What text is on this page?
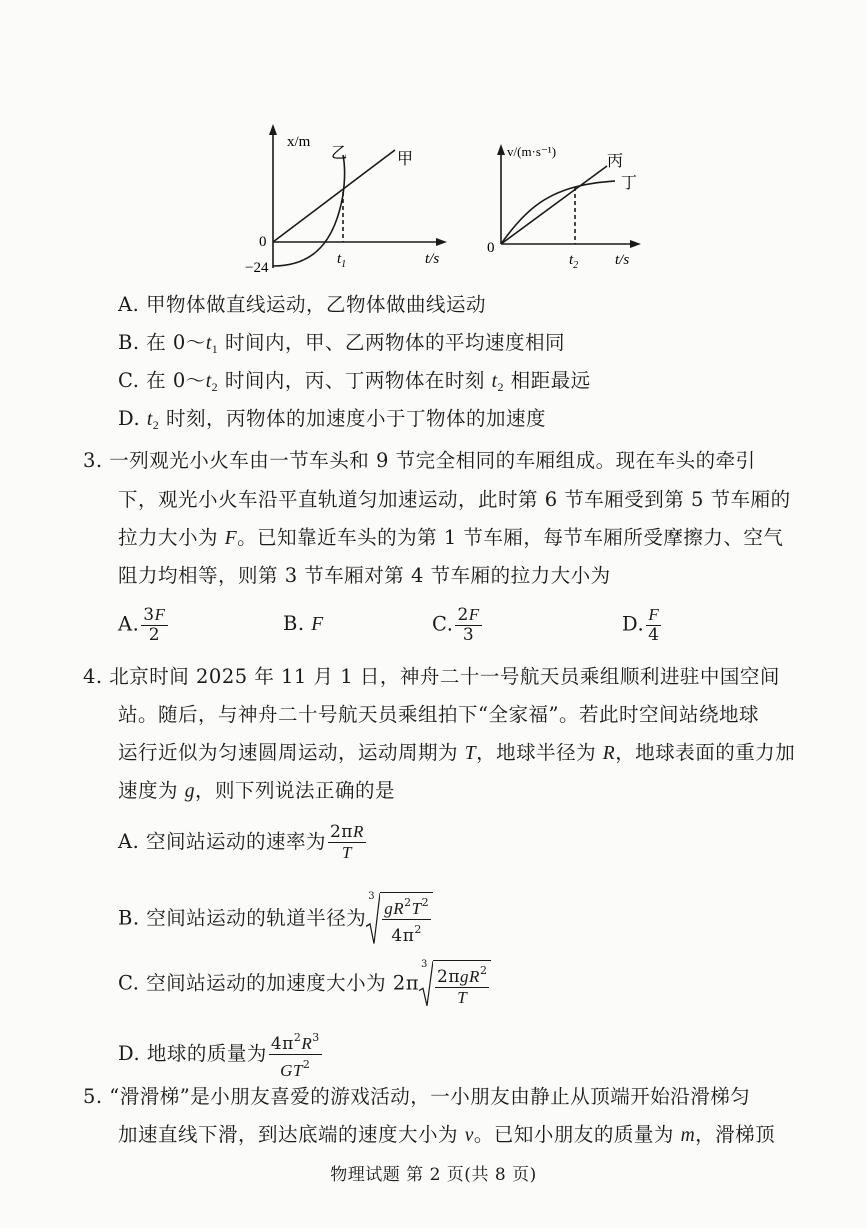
x/m
乙	甲
0
−24
$t_1$	t/s
v/(m·s⁻¹)
丙
丁
0
$t_2$ t/s
A. 甲物体做直线运动，乙物体做曲线运动
B. 在 $0\sim t_1$ 时间内，甲、乙两物体的平均速度相同
C. 在 $0\sim t_2$ 时间内，丙、丁两物体在时刻 $t_2$ 相距最远
D. $t_2$ 时刻，丙物体的加速度小于丁物体的加速度
3. 一列观光小火车由一节车头和 9 节完全相同的车厢组成。现在车头的牵引
下，观光小火车沿平直轨道匀加速运动，此时第 6 节车厢受到第 5 节车厢的
拉力大小为 F。已知靠近车头的为第 1 节车厢，每节车厢所受摩擦力、空气
阻力均相等，则第 3 节车厢对第 4 节车厢的拉力大小为
A. $\frac{3F}{2}$	B. F	C. $\frac{2F}{3}$	D. $\frac{F}{4}$
4. 北京时间 2025 年 11 月 1 日，神舟二十一号航天员乘组顺利进驻中国空间
站。随后，与神舟二十号航天员乘组拍下“全家福”。若此时空间站绕地球
运行近似为匀速圆周运动，运动周期为 T，地球半径为 R，地球表面的重力加
速度为 g，则下列说法正确的是
A. 空间站运动的速率为 $\frac{2\pi R}{T}$
B. 空间站运动的轨道半径为
$3 \frac{gR^2T^2}{4\pi^2}$
C. 空间站运动的加速度大小为 2π
$3 \frac{2\pi gR^2}{T}$
D. 地球的质量为 $\frac{4\pi^2R^3}{GT^2}$
5. “滑滑梯”是小朋友喜爱的游戏活动，一小朋友由静止从顶端开始沿滑梯匀
加速直线下滑，到达底端的速度大小为 v。已知小朋友的质量为 m，滑梯顶
物理试题 第 2 页(共 8 页)
